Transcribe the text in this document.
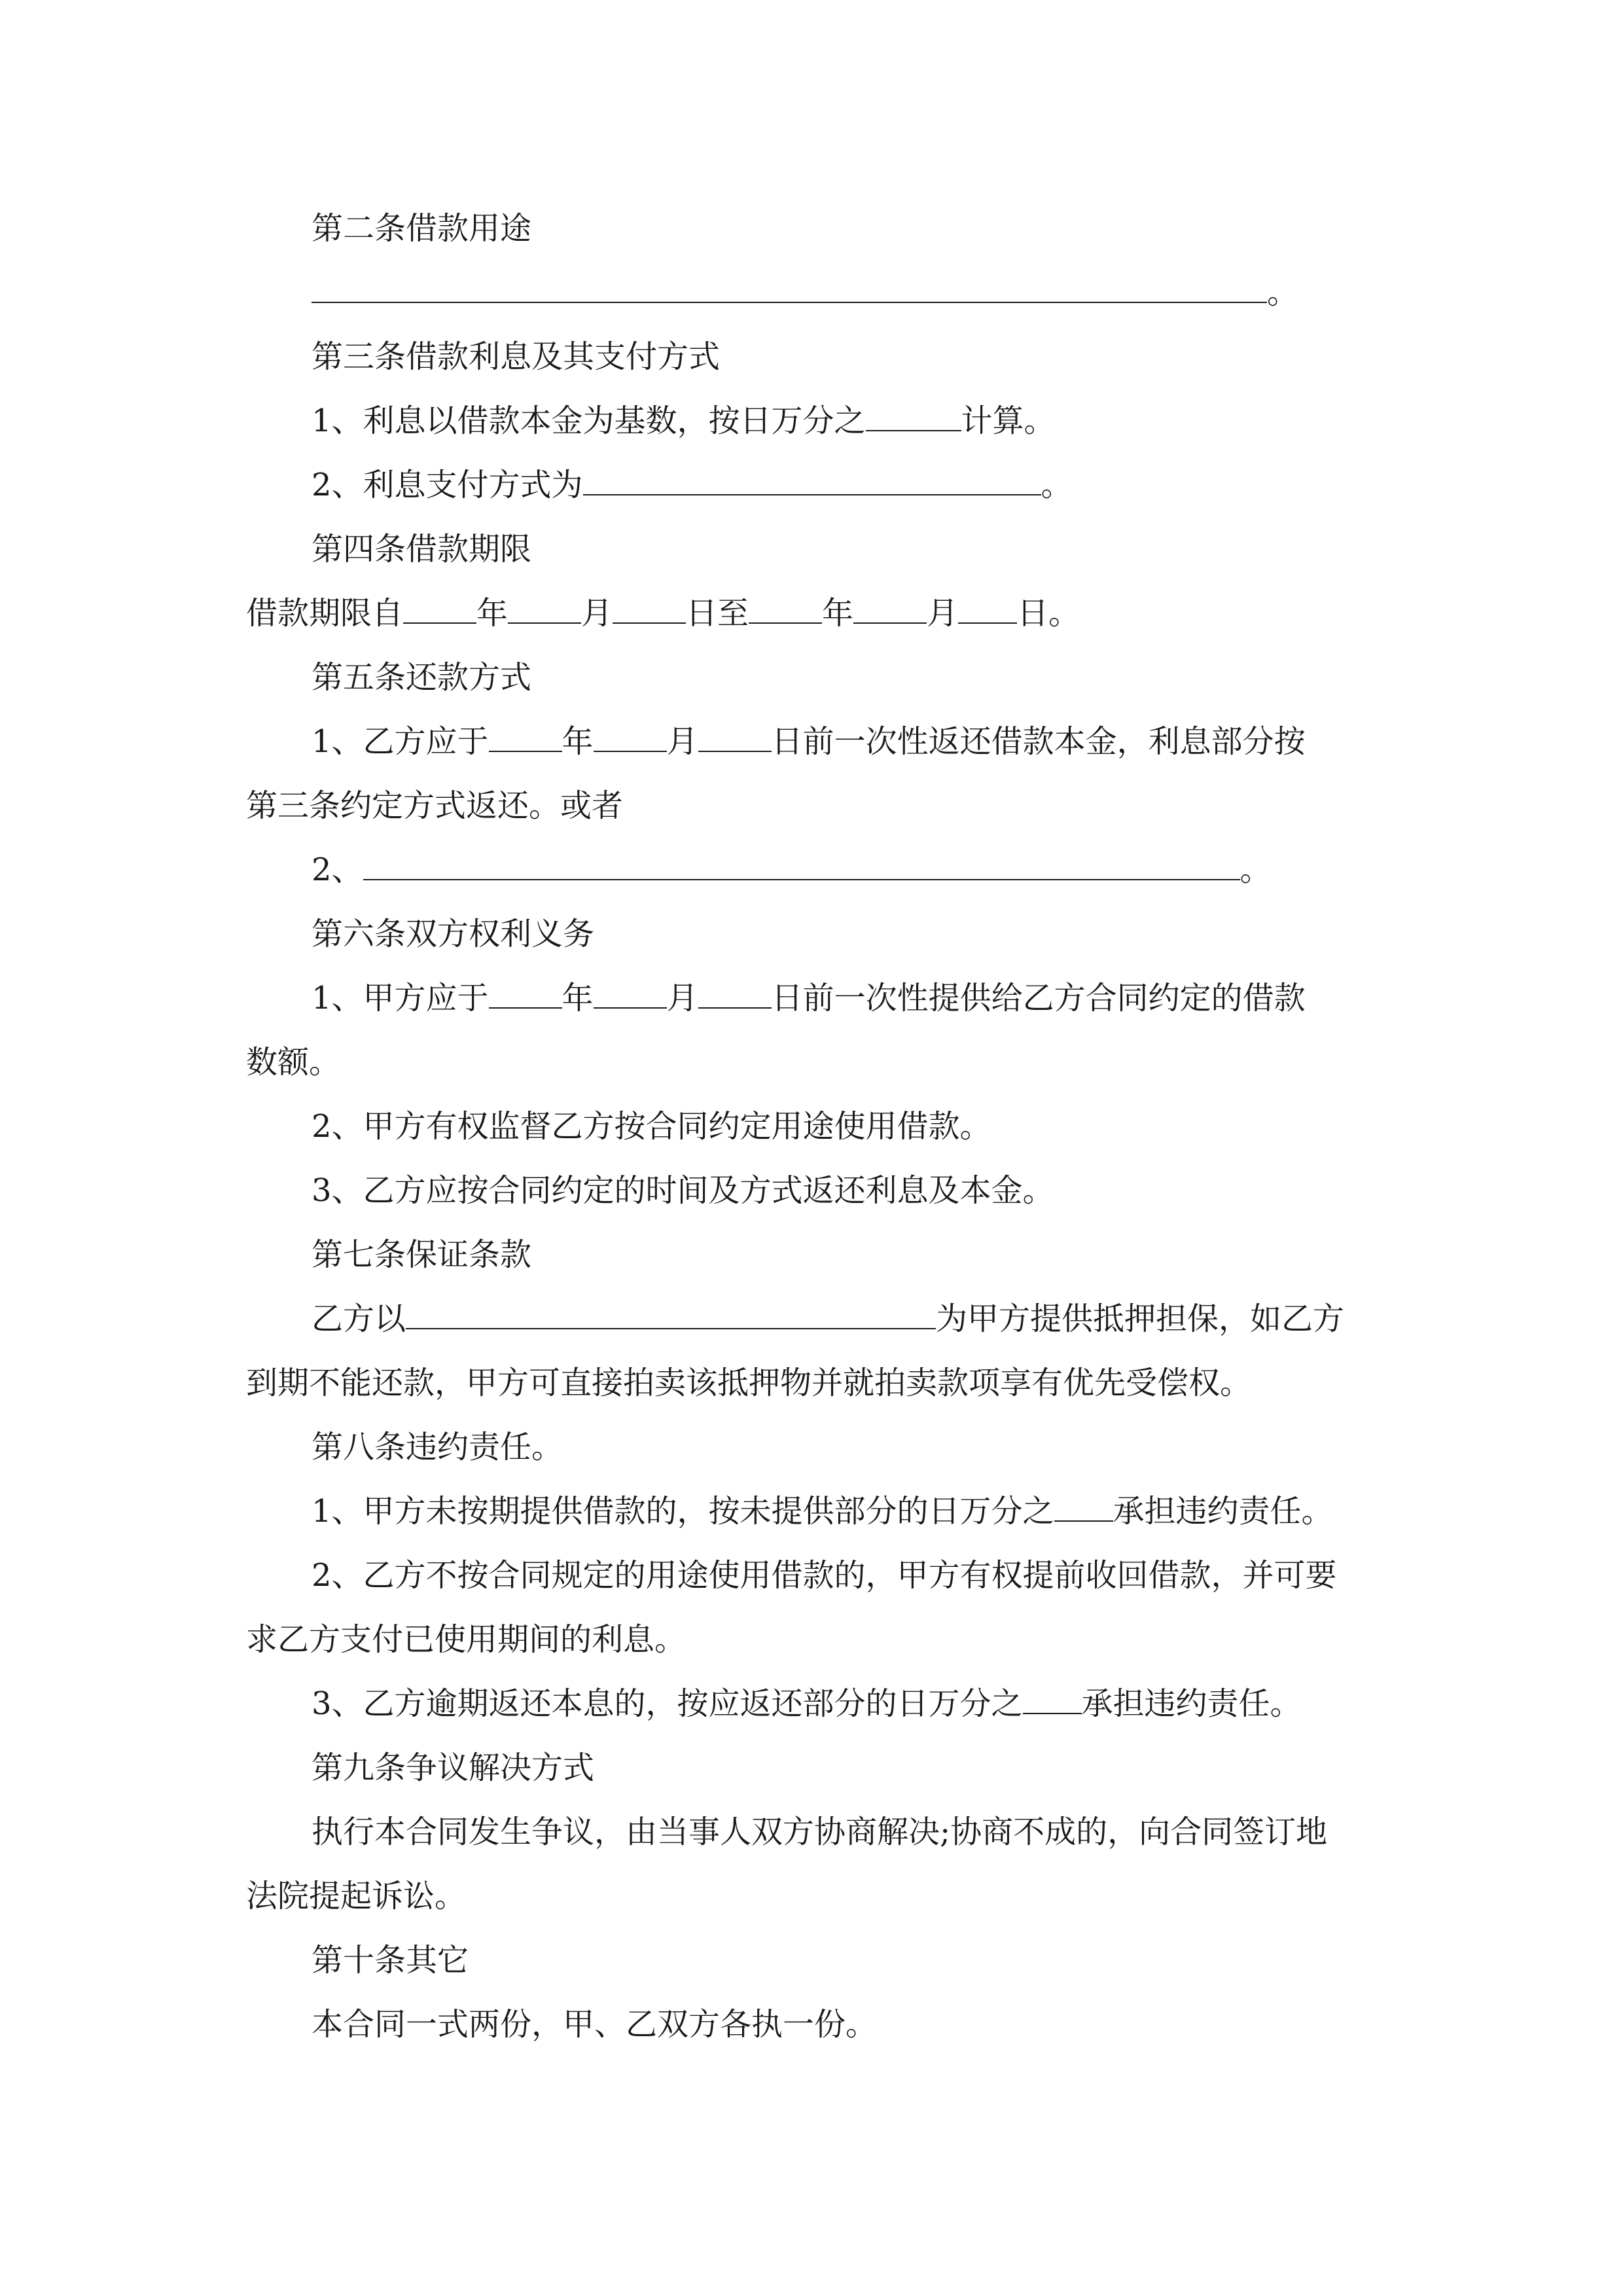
第二条借款用途
。
第三条借款利息及其支付方式
1、利息以借款本金为基数，按日万分之	计算。
2、利息支付方式为	。
第四条借款期限
借款期限自 年 月 日至 年 月 日。
第五条还款方式
1、乙方应于 年 月 日前一次性返还借款本金，利息部分按
第三条约定方式返还。或者
2、	。
第六条双方权利义务
1、甲方应于 年 月 日前一次性提供给乙方合同约定的借款
数额。
2、甲方有权监督乙方按合同约定用途使用借款。
3、乙方应按合同约定的时间及方式返还利息及本金。
第七条保证条款
乙方以	为甲方提供抵押担保，如乙方
到期不能还款，甲方可直接拍卖该抵押物并就拍卖款项享有优先受偿权。
第八条违约责任。
1、甲方未按期提供借款的，按未提供部分的日万分之 承担违约责任。
2、乙方不按合同规定的用途使用借款的，甲方有权提前收回借款，并可要
求乙方支付已使用期间的利息。
3、乙方逾期返还本息的，按应返还部分的日万分之 承担违约责任。
第九条争议解决方式
执行本合同发生争议，由当事人双方协商解决;协商不成的，向合同签订地
法院提起诉讼。
第十条其它
本合同一式两份，甲、乙双方各执一份。
